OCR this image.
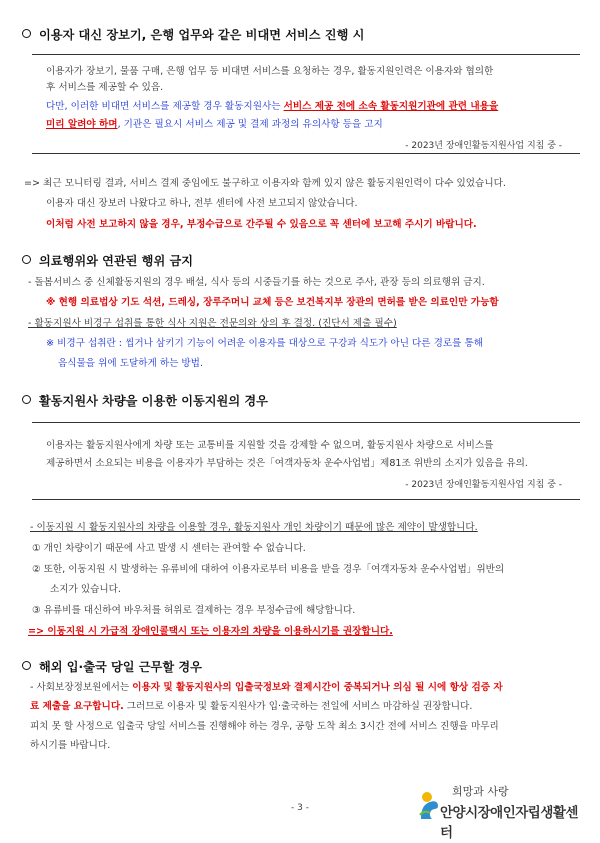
이용자 대신 장보기, 은행 업무와 같은 비대면 서비스 진행 시
이용자가 장보기, 물품 구매, 은행 업무 등 비대면 서비스를 요청하는 경우, 활동지원인력은 이용자와 협의한
후 서비스를 제공할 수 있음.
다만, 이러한 비대면 서비스를 제공할 경우 활동지원사는 서비스 제공 전에 소속 활동지원기관에 관련 내용을
미리 알려야 하며, 기관은 필요시 서비스 제공 및 결제 과정의 유의사항 등을 고지
- 2023년 장애인활동지원사업 지침 중 -
=> 최근 모니터링 결과, 서비스 결제 중임에도 불구하고 이용자와 함께 있지 않은 활동지원인력이 다수 있었습니다.
이용자 대신 장보러 나왔다고 하나, 전부 센터에 사전 보고되지 않았습니다.
이처럼 사전 보고하지 않을 경우, 부정수급으로 간주될 수 있음으로 꼭 센터에 보고해 주시기 바랍니다.
의료행위와 연관된 행위 금지
- 돌봄서비스 중 신체활동지원의 경우 배설, 식사 등의 시중들기를 하는 것으로 주사, 관장 등의 의료행위 금지.
※ 현행 의료법상 기도 석션, 드레싱, 장루주머니 교체 등은 보건복지부 장관의 면허를 받은 의료인만 가능함
- 활동지원사 비경구 섭취를 통한 식사 지원은 전문의와 상의 후 결정. (진단서 제출 필수)
※ 비경구 섭취란 : 씹거나 삼키기 기능이 어려운 이용자를 대상으로 구강과 식도가 아닌 다른 경로를 통해
음식물을 위에 도달하게 하는 방법.
활동지원사 차량을 이용한 이동지원의 경우
이용자는 활동지원사에게 차량 또는 교통비를 지원할 것을 강제할 수 없으며, 활동지원사 차량으로 서비스를
제공하면서 소요되는 비용을 이용자가 부담하는 것은「여객자동차 운수사업법」제81조 위반의 소지가 있음을 유의.
- 2023년 장애인활동지원사업 지침 중 -
- 이동지원 시 활동지원사의 차량을 이용할 경우, 활동지원사 개인 차량이기 때문에 많은 제약이 발생합니다.
① 개인 차량이기 때문에 사고 발생 시 센터는 관여할 수 없습니다.
② 또한, 이동지원 시 발생하는 유류비에 대하여 이용자로부터 비용을 받을 경우「여객자동차 운수사업법」위반의
소지가 있습니다.
③ 유류비를 대신하여 바우처를 허위로 결제하는 경우 부정수급에 해당합니다.
=> 이동지원 시 가급적 장애인콜택시 또는 이용자의 차량을 이용하시기를 권장합니다.
해외 입·출국 당일 근무할 경우
- 사회보장정보원에서는 이용자 및 활동지원사의 입출국정보와 결제시간이 중복되거나 의심 될 시에 항상 검증 자
료 제출을 요구합니다. 그러므로 이용자 및 활동지원사가 입·출국하는 전일에 서비스 마감하실 권장합니다.
피치 못 할 사정으로 입출국 당일 서비스를 진행해야 하는 경우, 공항 도착 최소 3시간 전에 서비스 진행을 마무리
하시기를 바랍니다.
- 3 -
희망과 사랑
안양시장애인자립생활센터
